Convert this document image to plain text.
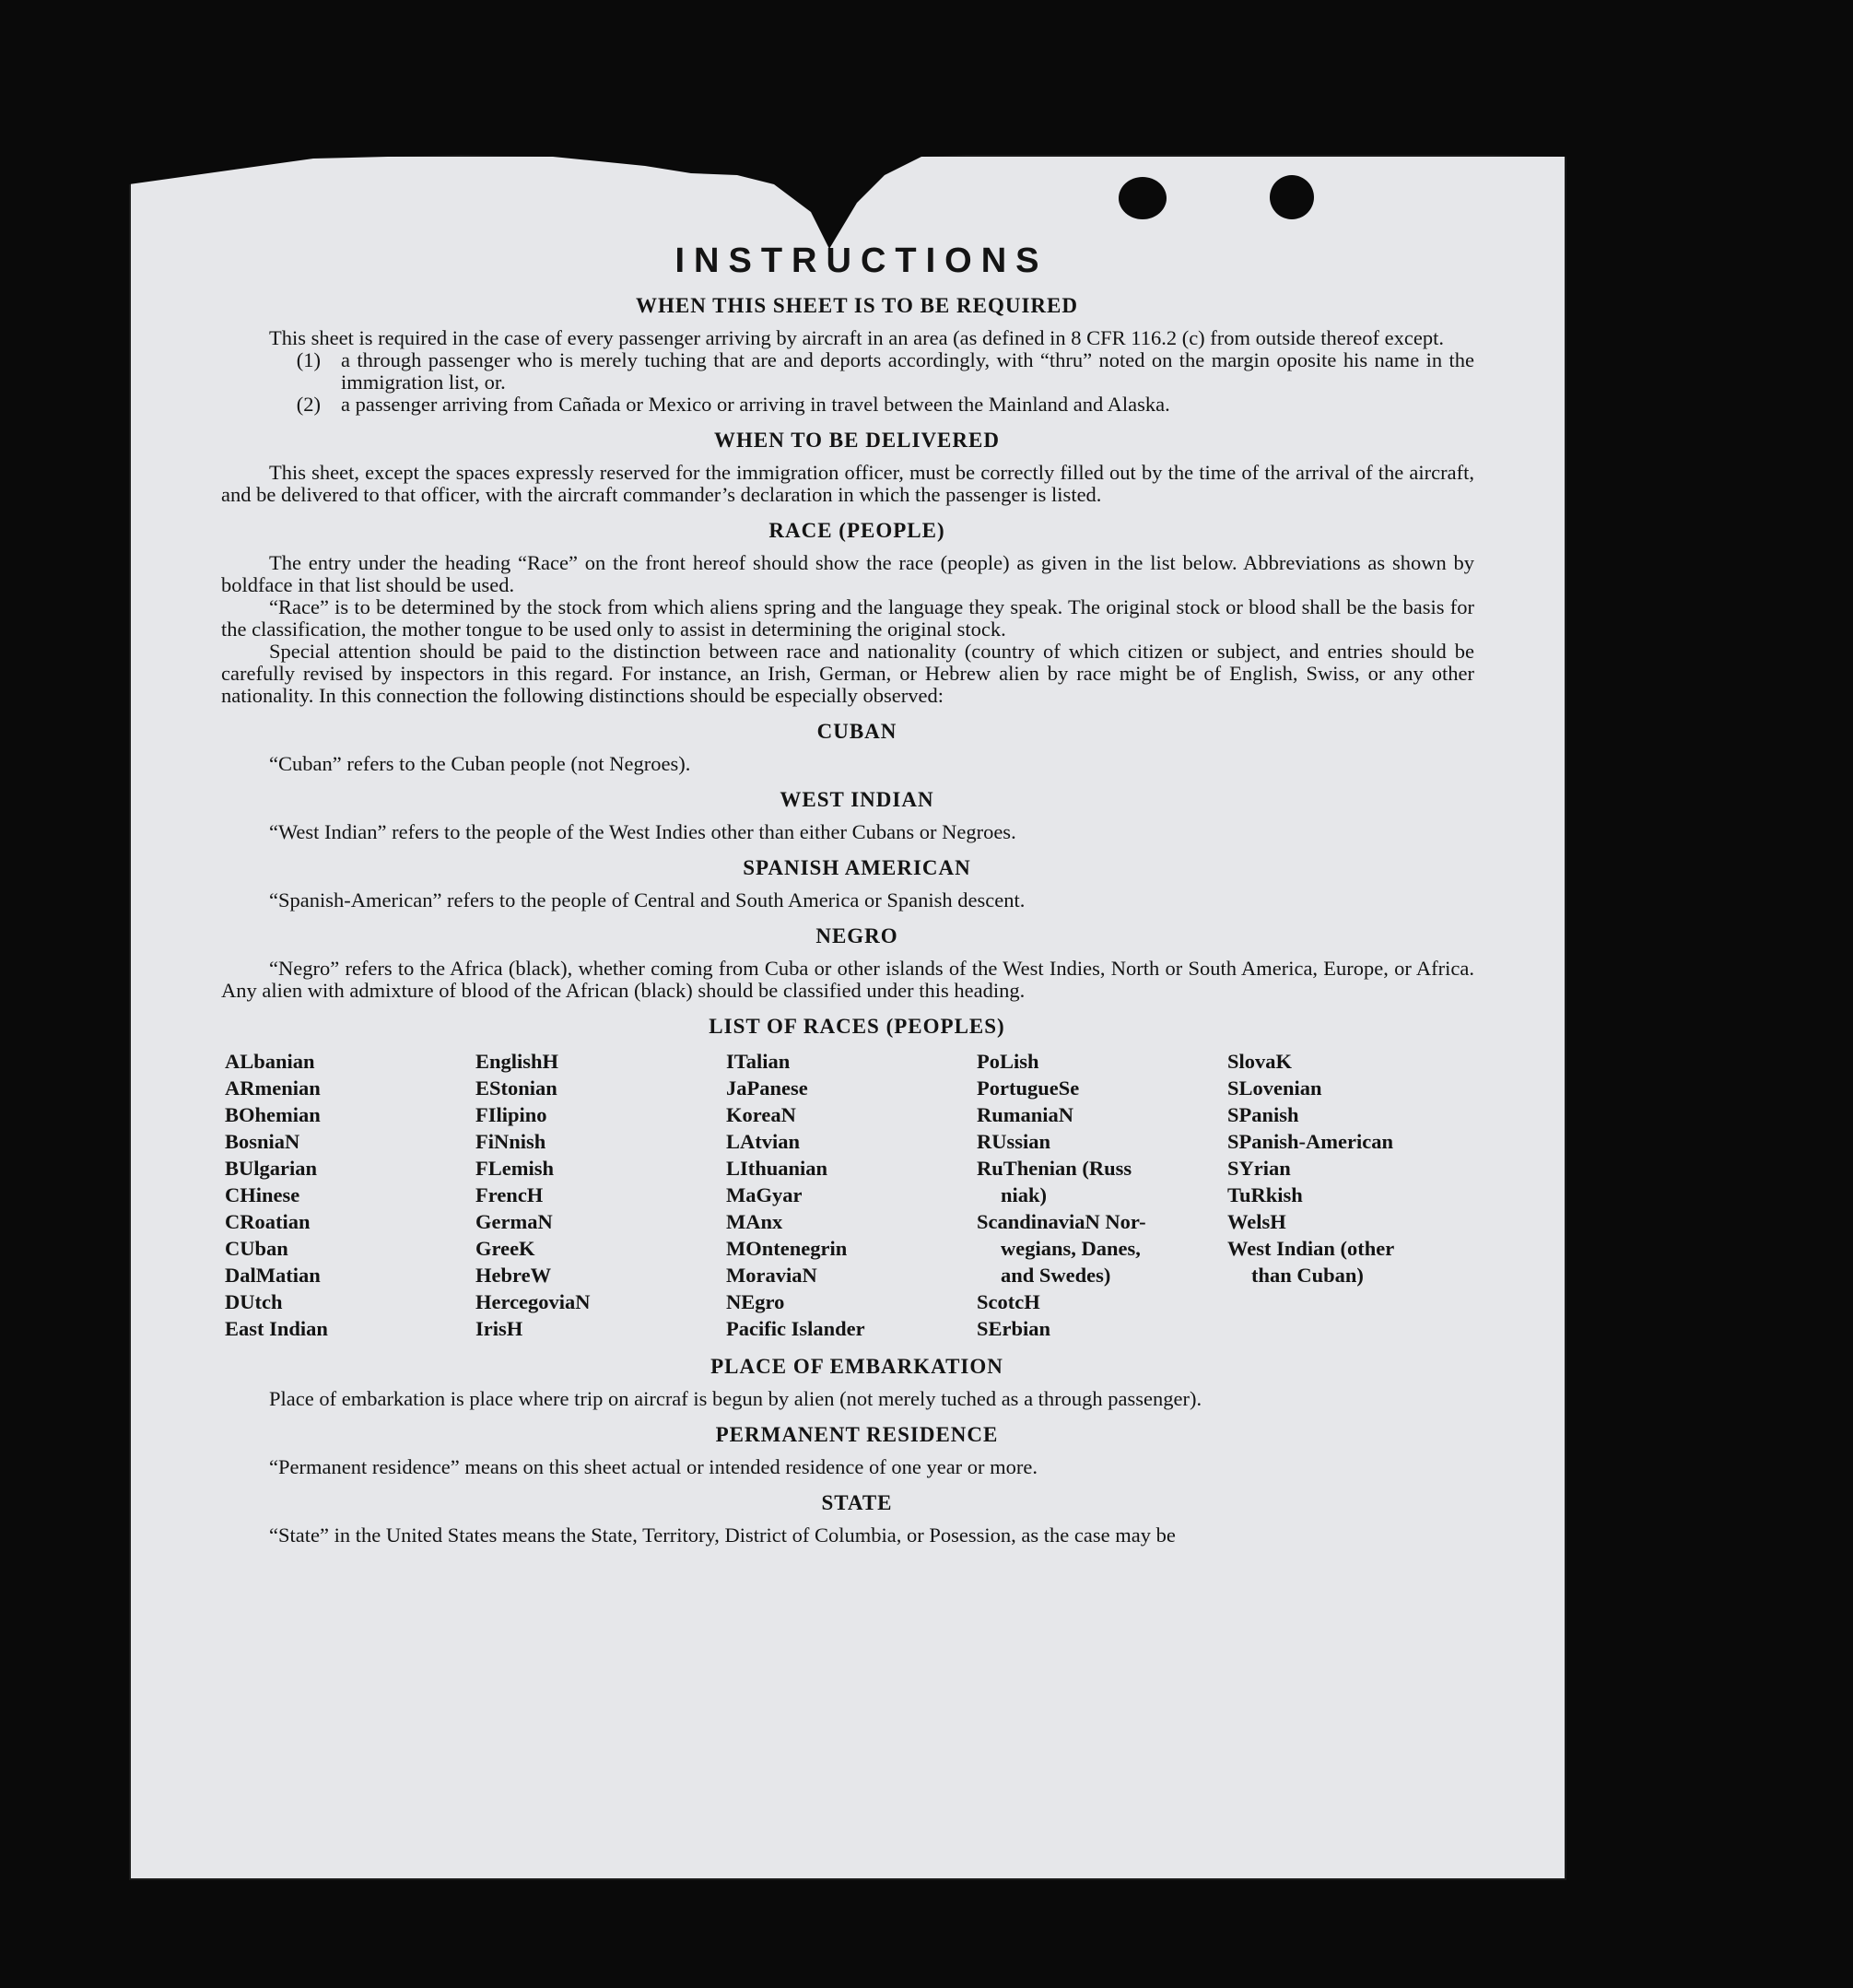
INSTRUCTIONS
WHEN THIS SHEET IS TO BE REQUIRED

This sheet is required in the case of every passenger arriving by aircraft in an area (as defined in 8 CFR 116.2 (c) from outside thereof except.

(1) a through passenger who is merely tuching that are and deports accordingly, with “thru” noted on the margin oposite his name in the immigration list, or.
(2) a passenger arriving from Cañada or Mexico or arriving in travel between the Mainland and Alaska.
WHEN TO BE DELIVERED

This sheet, except the spaces expressly reserved for the immigration officer, must be correctly filled out by the time of the arrival of the aircraft, and be delivered to that officer, with the aircraft commander’s declaration in which the passenger is listed.

RACE (PEOPLE)

The entry under the heading “Race” on the front hereof should show the race (people) as given in the list below. Abbreviations as shown by boldface in that list should be used.

“Race” is to be determined by the stock from which aliens spring and the language they speak. The original stock or blood shall be the basis for the classification, the mother tongue to be used only to assist in determining the original stock.

Special attention should be paid to the distinction between race and nationality (country of which citizen or subject, and entries should be carefully revised by inspectors in this regard. For instance, an Irish, German, or Hebrew alien by race might be of English, Swiss, or any other nationality. In this connection the following distinctions should be especially observed:

CUBAN

“Cuban” refers to the Cuban people (not Negroes).

WEST INDIAN

“West Indian” refers to the people of the West Indies other than either Cubans or Negroes.

SPANISH AMERICAN

“Spanish-American” refers to the people of Central and South America or Spanish descent.

NEGRO

“Negro” refers to the Africa (black), whether coming from Cuba or other islands of the West Indies, North or South America, Europe, or Africa. Any alien with admixture of blood of the African (black) should be classified under this heading.

LIST OF RACES (PEOPLES)
ALbanian
ARmenian
BOhemian
BosniaN
BUlgarian
CHinese
CRoatian
CUban
DalMatian
DUtch
East Indian
EnglishH
EStonian
FIlipino
FiNnish
FLemish
FrencH
GermaN
GreeK
HebreW
HercegoviaN
IrisH
ITalian
JaPanese
KoreaN
LAtvian
LIthuanian
MaGyar
MAnx
MOntenegrin
MoraviaN
NEgro
Pacific Islander
PoLish
PortugueSe
RumaniaN
RUssian
RuThenian (Russ
niak)
ScandinaviaN Nor-
wegians, Danes,
and Swedes)
ScotcH
SErbian
SlovaK
SLovenian
SPanish
SPanish-American
SYrian
TuRkish
WelsH
West Indian (other
than Cuban)
PLACE OF EMBARKATION

Place of embarkation is place where trip on aircraf is begun by alien (not merely tuched as a through passenger).

PERMANENT RESIDENCE

“Permanent residence” means on this sheet actual or intended residence of one year or more.

STATE

“State” in the United States means the State, Territory, District of Columbia, or Posession, as the case may be
